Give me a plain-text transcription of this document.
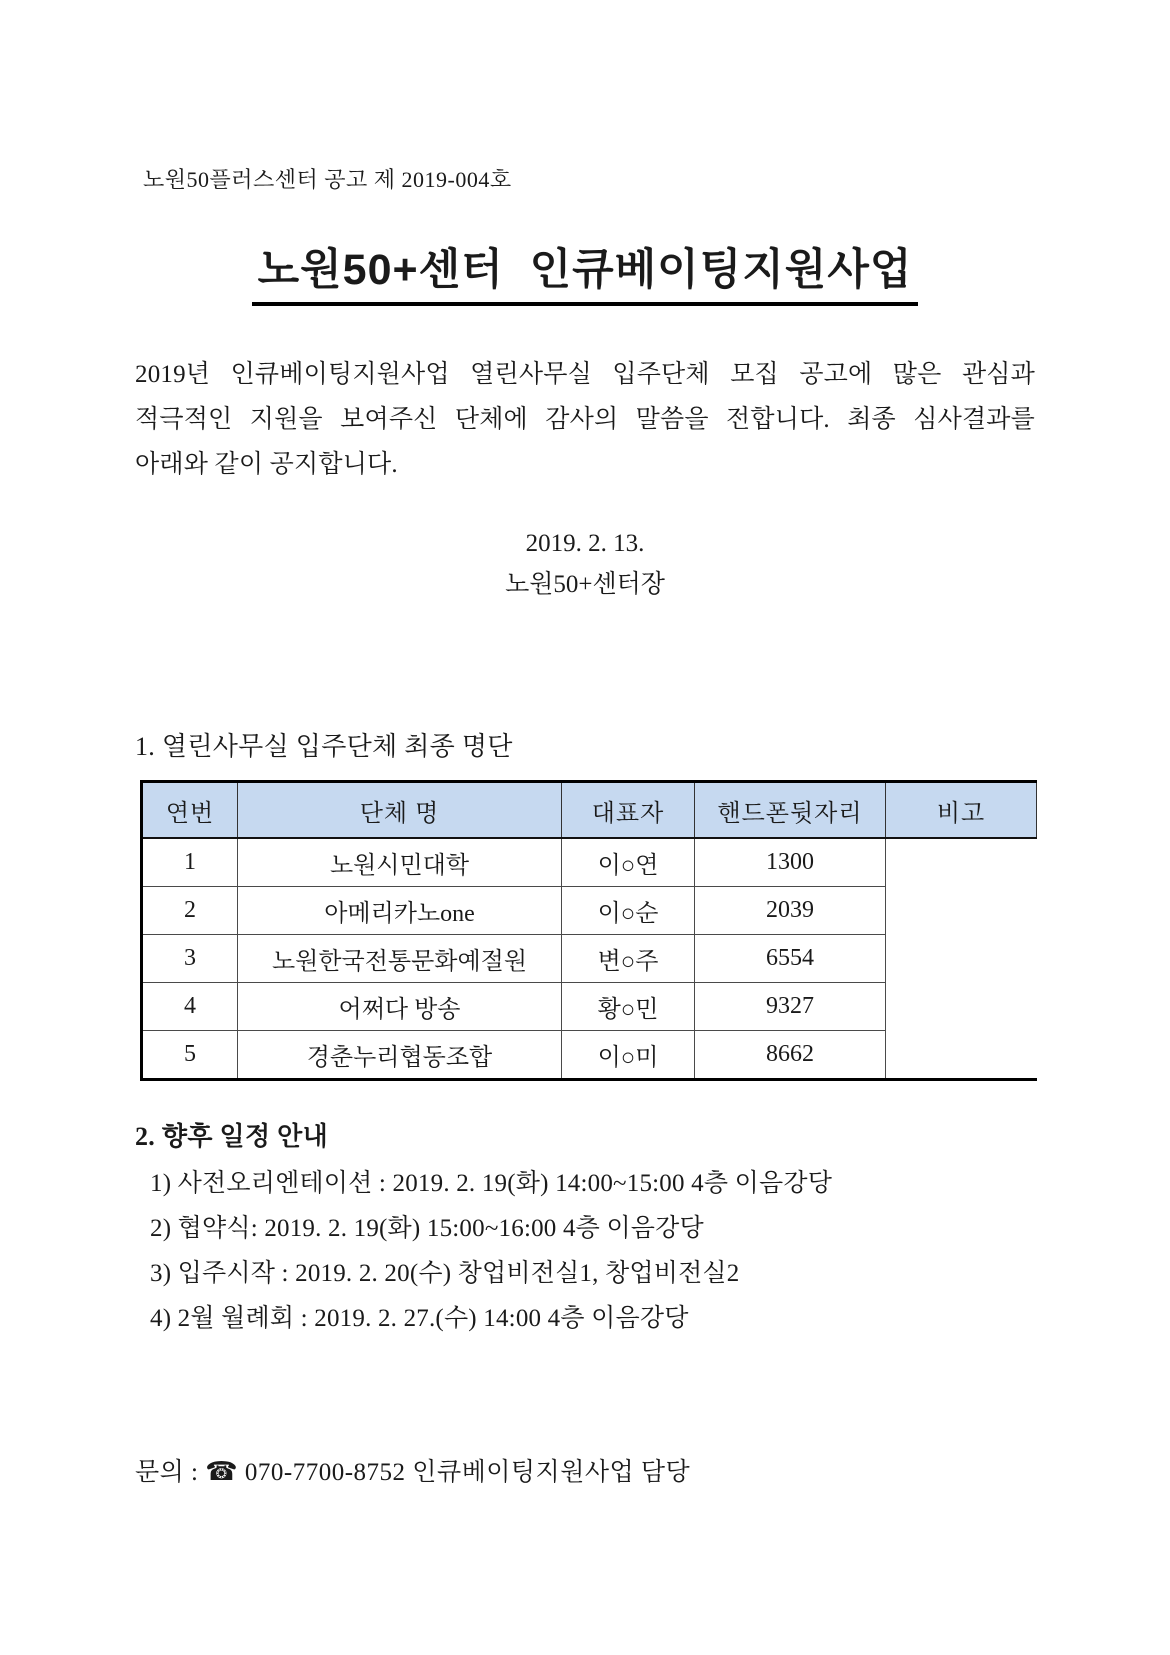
노원50플러스센터 공고 제 2019-004호
노원50+센터  인큐베이팅지원사업
2019년 인큐베이팅지원사업 열린사무실 입주단체 모집 공고에 많은 관심과
적극적인 지원을 보여주신 단체에 감사의 말씀을 전합니다. 최종 심사결과를
아래와 같이 공지합니다.
2019. 2. 13.
노원50+센터장
1. 열린사무실 입주단체 최종 명단
연번	단체 명	대표자	핸드폰뒷자리	비고
1	노원시민대학	이○연	1300	
2	아메리카노one	이○순	2039	
3	노원한국전통문화예절원	변○주	6554	
4	어쩌다 방송	황○민	9327	
5	경춘누리협동조합	이○미	8662	
2. 향후 일정 안내
1) 사전오리엔테이션 : 2019. 2. 19(화) 14:00~15:00 4층 이음강당
2) 협약식: 2019. 2. 19(화) 15:00~16:00 4층 이음강당
3) 입주시작 : 2019. 2. 20(수) 창업비전실1, 창업비전실2
4) 2월 월례회 : 2019. 2. 27.(수) 14:00 4층 이음강당
문의 : ☎ 070-7700-8752 인큐베이팅지원사업 담당
